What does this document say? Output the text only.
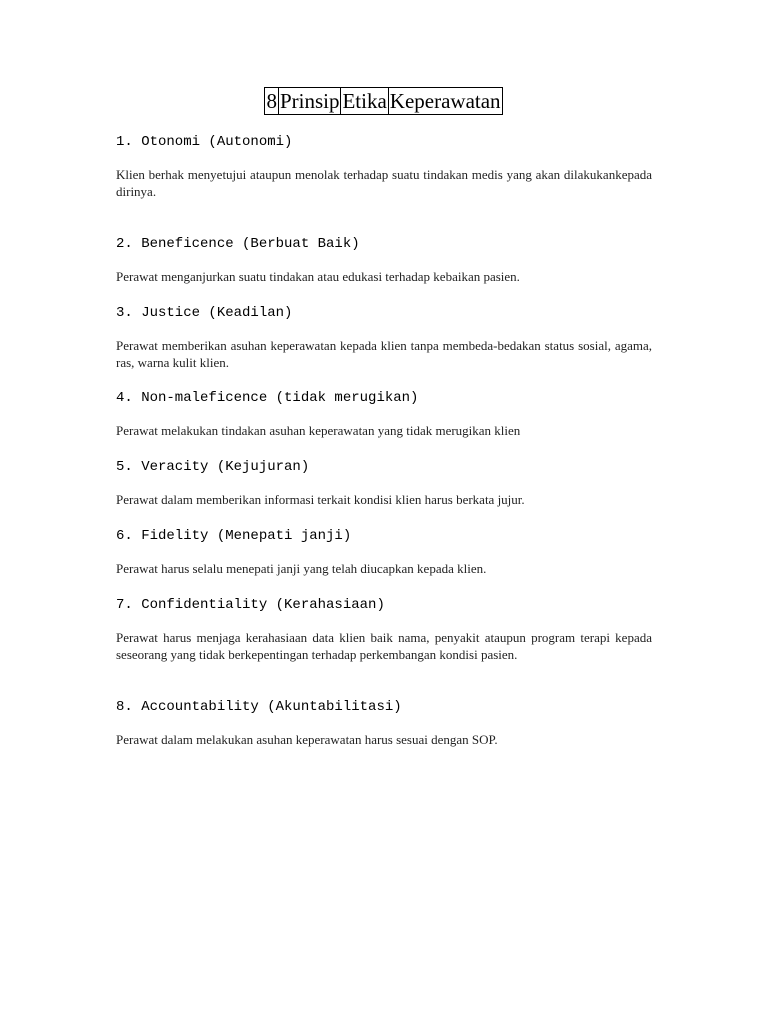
8 Prinsip Etika Keperawatan

1. Otonomi (Autonomi)

Klien berhak menyetujui ataupun menolak terhadap suatu tindakan medis yang akan dilakukankepada dirinya.

2. Beneficence (Berbuat Baik)

Perawat menganjurkan suatu tindakan atau edukasi terhadap kebaikan pasien.

3. Justice (Keadilan)

Perawat memberikan asuhan keperawatan kepada klien tanpa membeda-bedakan status sosial, agama, ras, warna kulit klien.

4. Non-maleficence (tidak merugikan)

Perawat melakukan tindakan asuhan keperawatan yang tidak merugikan klien

5. Veracity (Kejujuran)

Perawat dalam memberikan informasi terkait kondisi klien harus berkata jujur.

6. Fidelity (Menepati janji)

Perawat harus selalu menepati janji yang telah diucapkan kepada klien.

7. Confidentiality (Kerahasiaan)

Perawat harus menjaga kerahasiaan data klien baik nama, penyakit ataupun program terapi kepada seseorang yang tidak berkepentingan terhadap perkembangan kondisi pasien.

8. Accountability (Akuntabilitasi)

Perawat dalam melakukan asuhan keperawatan harus sesuai dengan SOP.
